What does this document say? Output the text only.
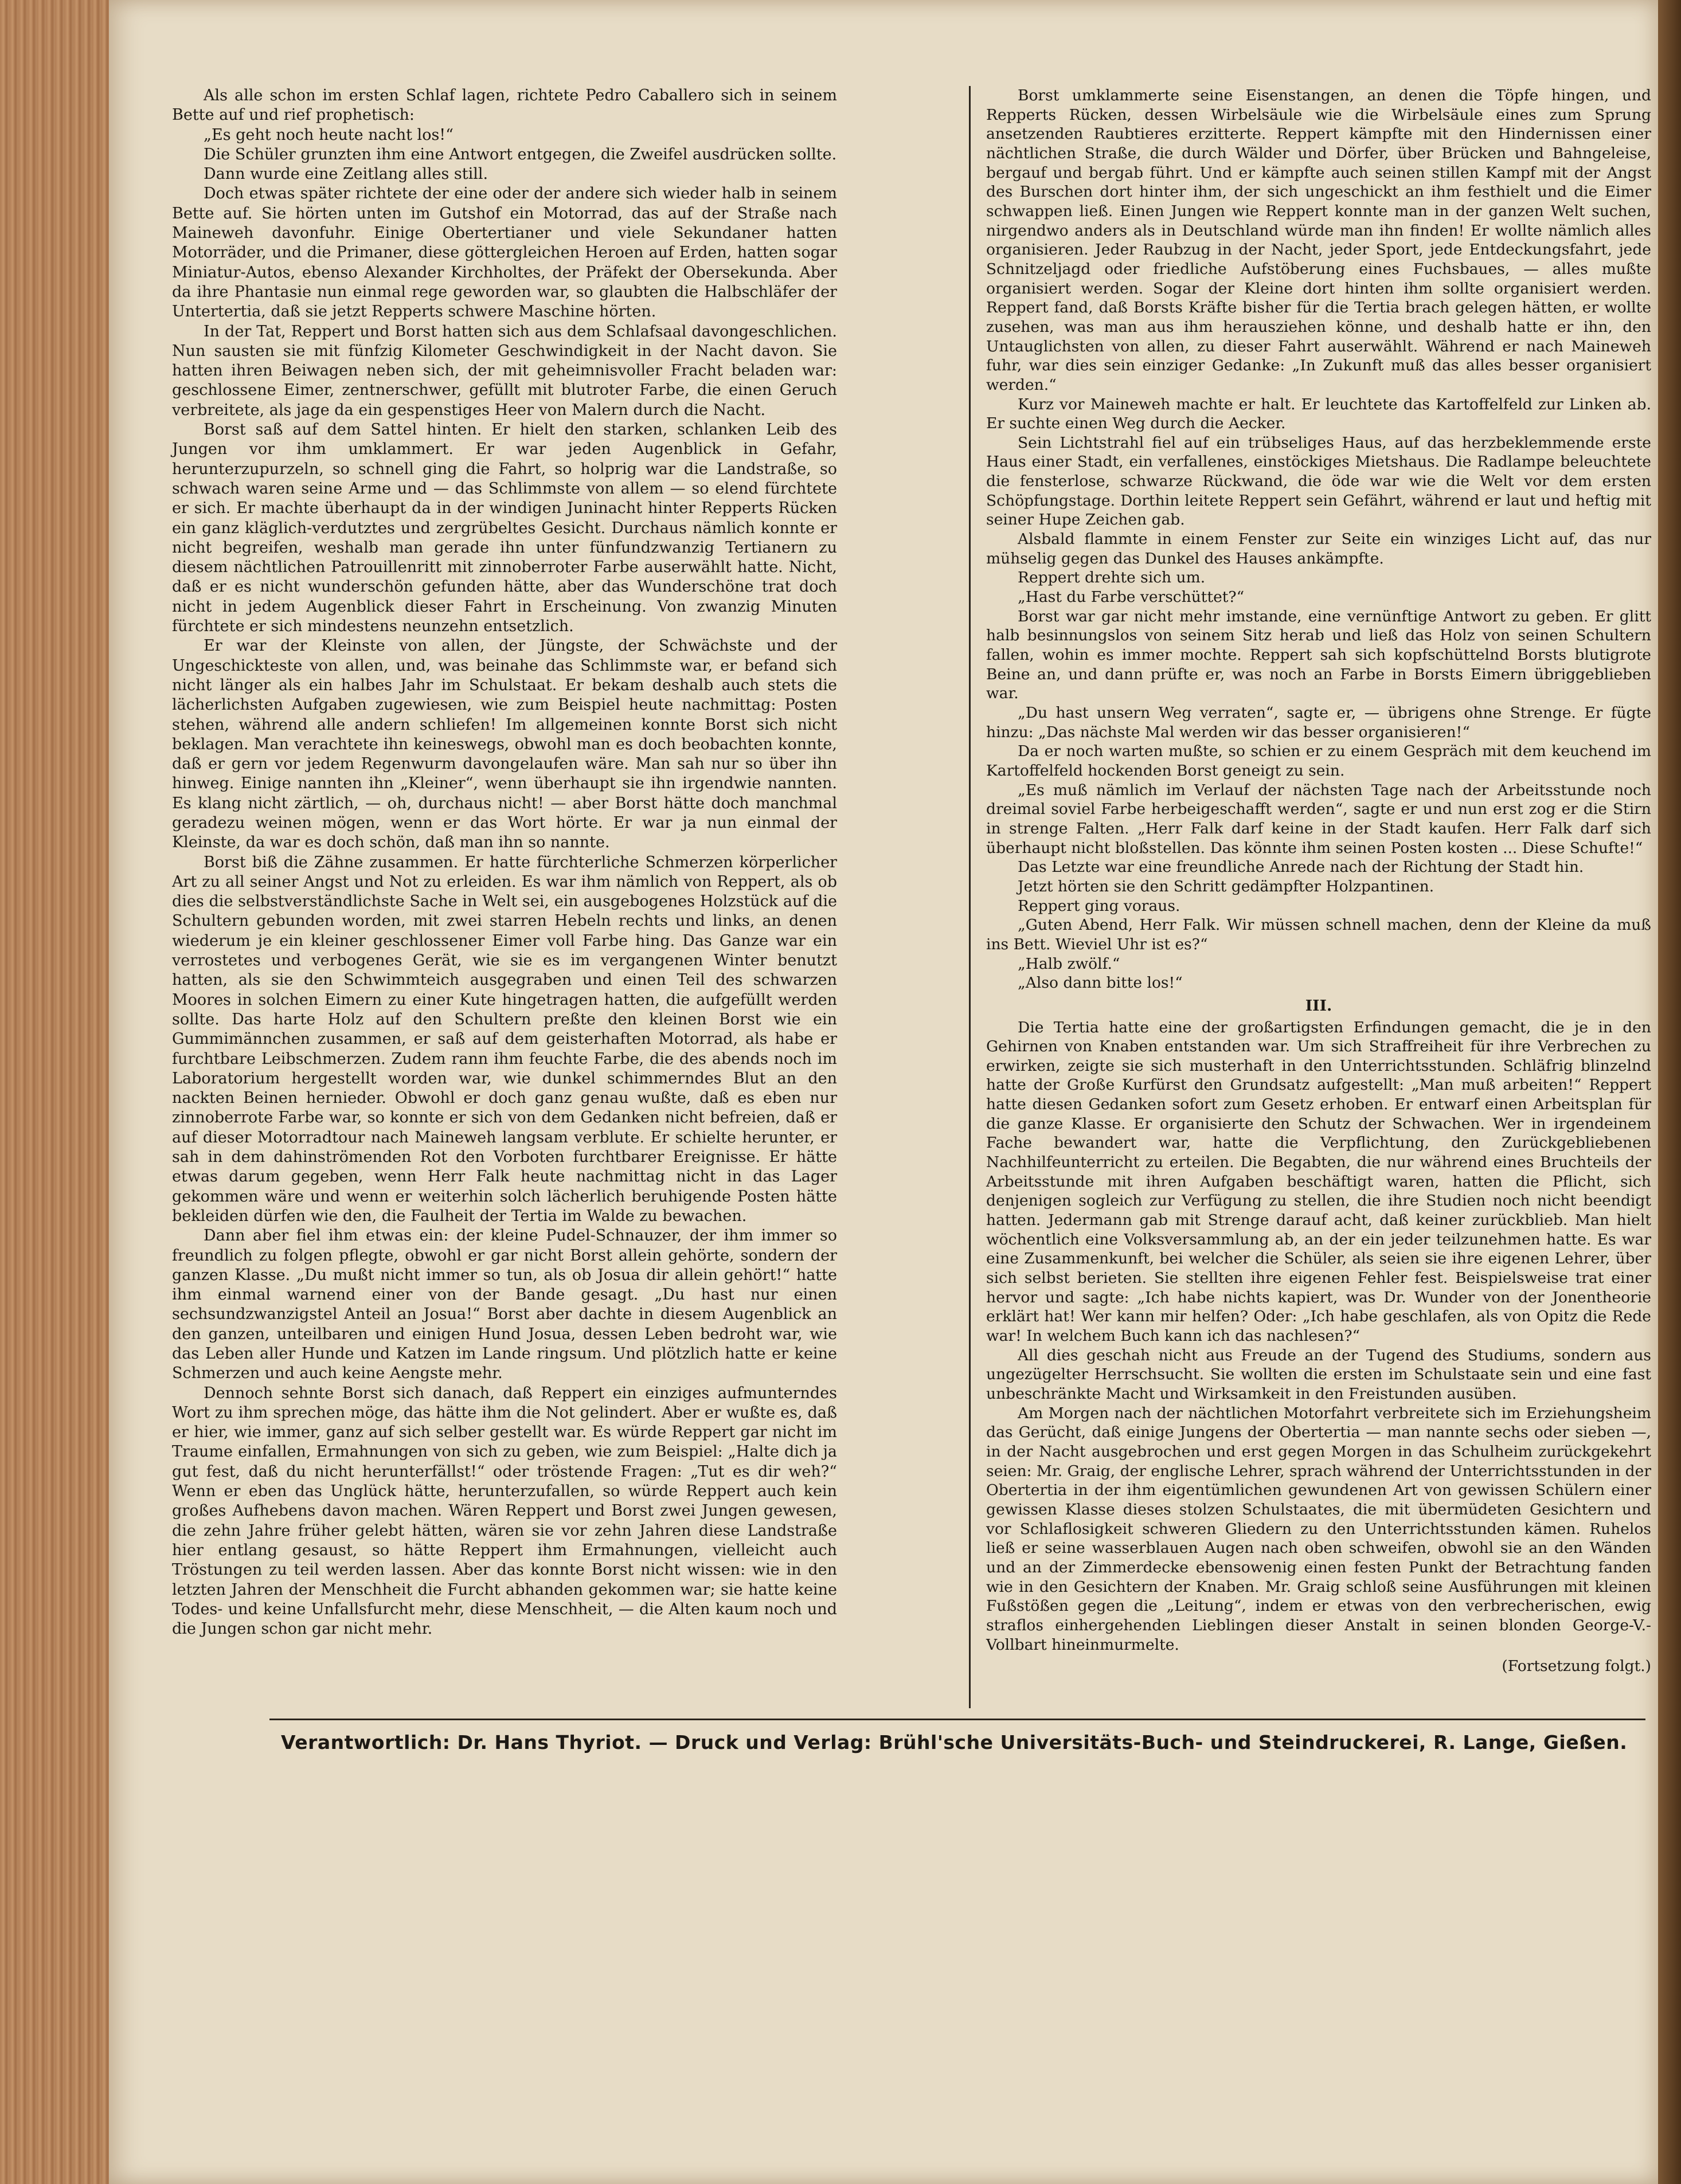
Als alle schon im ersten Schlaf lagen, richtete Pedro Caballero sich in seinem Bette auf und rief prophetisch:

„Es geht noch heute nacht los!“

Die Schüler grunzten ihm eine Antwort entgegen, die Zweifel ausdrücken sollte.

Dann wurde eine Zeitlang alles still.

Doch etwas später richtete der eine oder der andere sich wieder halb in seinem Bette auf. Sie hörten unten im Gutshof ein Motorrad, das auf der Straße nach Maineweh davonfuhr. Einige Obertertianer und viele Sekundaner hatten Motorräder, und die Primaner, diese göttergleichen Heroen auf Erden, hatten sogar Miniatur-Autos, ebenso Alexander Kirchholtes, der Präfekt der Obersekunda. Aber da ihre Phantasie nun einmal rege geworden war, so glaubten die Halbschläfer der Untertertia, daß sie jetzt Repperts schwere Maschine hörten.

In der Tat, Reppert und Borst hatten sich aus dem Schlafsaal davongeschlichen. Nun sausten sie mit fünfzig Kilometer Geschwindigkeit in der Nacht davon. Sie hatten ihren Beiwagen neben sich, der mit geheimnisvoller Fracht beladen war: geschlossene Eimer, zentnerschwer, gefüllt mit blutroter Farbe, die einen Geruch verbreitete, als jage da ein gespenstiges Heer von Malern durch die Nacht.

Borst saß auf dem Sattel hinten. Er hielt den starken, schlanken Leib des Jungen vor ihm umklammert. Er war jeden Augenblick in Gefahr, herunterzupurzeln, so schnell ging die Fahrt, so holprig war die Landstraße, so schwach waren seine Arme und — das Schlimmste von allem — so elend fürchtete er sich. Er machte überhaupt da in der windigen Juninacht hinter Repperts Rücken ein ganz kläglich-verdutztes und zergrübeltes Gesicht. Durchaus nämlich konnte er nicht begreifen, weshalb man gerade ihn unter fünfundzwanzig Tertianern zu diesem nächtlichen Patrouillenritt mit zinnoberroter Farbe auserwählt hatte. Nicht, daß er es nicht wunderschön gefunden hätte, aber das Wunderschöne trat doch nicht in jedem Augenblick dieser Fahrt in Erscheinung. Von zwanzig Minuten fürchtete er sich mindestens neunzehn entsetzlich.

Er war der Kleinste von allen, der Jüngste, der Schwächste und der Ungeschickteste von allen, und, was beinahe das Schlimmste war, er befand sich nicht länger als ein halbes Jahr im Schulstaat. Er bekam deshalb auch stets die lächerlichsten Aufgaben zugewiesen, wie zum Beispiel heute nachmittag: Posten stehen, während alle andern schliefen! Im allgemeinen konnte Borst sich nicht beklagen. Man verachtete ihn keineswegs, obwohl man es doch beobachten konnte, daß er gern vor jedem Regenwurm davongelaufen wäre. Man sah nur so über ihn hinweg. Einige nannten ihn „Kleiner“, wenn überhaupt sie ihn irgendwie nannten. Es klang nicht zärtlich, — oh, durchaus nicht! — aber Borst hätte doch manchmal geradezu weinen mögen, wenn er das Wort hörte. Er war ja nun einmal der Kleinste, da war es doch schön, daß man ihn so nannte.

Borst biß die Zähne zusammen. Er hatte fürchterliche Schmerzen körperlicher Art zu all seiner Angst und Not zu erleiden. Es war ihm nämlich von Reppert, als ob dies die selbstverständlichste Sache in Welt sei, ein ausgebogenes Holzstück auf die Schultern gebunden worden, mit zwei starren Hebeln rechts und links, an denen wiederum je ein kleiner geschlossener Eimer voll Farbe hing. Das Ganze war ein verrostetes und verbogenes Gerät, wie sie es im vergangenen Winter benutzt hatten, als sie den Schwimmteich ausgegraben und einen Teil des schwarzen Moores in solchen Eimern zu einer Kute hingetragen hatten, die aufgefüllt werden sollte. Das harte Holz auf den Schultern preßte den kleinen Borst wie ein Gummimännchen zusammen, er saß auf dem geisterhaften Motorrad, als habe er furchtbare Leibschmerzen. Zudem rann ihm feuchte Farbe, die des abends noch im Laboratorium hergestellt worden war, wie dunkel schimmerndes Blut an den nackten Beinen hernieder. Obwohl er doch ganz genau wußte, daß es eben nur zinnoberrote Farbe war, so konnte er sich von dem Gedanken nicht befreien, daß er auf dieser Motorradtour nach Maineweh langsam verblute. Er schielte herunter, er sah in dem dahinströmenden Rot den Vorboten furchtbarer Ereignisse. Er hätte etwas darum gegeben, wenn Herr Falk heute nachmittag nicht in das Lager gekommen wäre und wenn er weiterhin solch lächerlich beruhigende Posten hätte bekleiden dürfen wie den, die Faulheit der Tertia im Walde zu bewachen.

Dann aber fiel ihm etwas ein: der kleine Pudel-Schnauzer, der ihm immer so freundlich zu folgen pflegte, obwohl er gar nicht Borst allein gehörte, sondern der ganzen Klasse. „Du mußt nicht immer so tun, als ob Josua dir allein gehört!“ hatte ihm einmal warnend einer von der Bande gesagt. „Du hast nur einen sechsundzwanzigstel Anteil an Josua!“ Borst aber dachte in diesem Augenblick an den ganzen, unteilbaren und einigen Hund Josua, dessen Leben bedroht war, wie das Leben aller Hunde und Katzen im Lande ringsum. Und plötzlich hatte er keine Schmerzen und auch keine Aengste mehr.

Dennoch sehnte Borst sich danach, daß Reppert ein einziges aufmunterndes Wort zu ihm sprechen möge, das hätte ihm die Not gelindert. Aber er wußte es, daß er hier, wie immer, ganz auf sich selber gestellt war. Es würde Reppert gar nicht im Traume einfallen, Ermahnungen von sich zu geben, wie zum Beispiel: „Halte dich ja gut fest, daß du nicht herunterfällst!“ oder tröstende Fragen: „Tut es dir weh?“ Wenn er eben das Unglück hätte, herunterzufallen, so würde Reppert auch kein großes Aufhebens davon machen. Wären Reppert und Borst zwei Jungen gewesen, die zehn Jahre früher gelebt hätten, wären sie vor zehn Jahren diese Landstraße hier entlang gesaust, so hätte Reppert ihm Ermahnungen, vielleicht auch Tröstungen zu teil werden lassen. Aber das konnte Borst nicht wissen: wie in den letzten Jahren der Menschheit die Furcht abhanden gekommen war; sie hatte keine Todes- und keine Unfallsfurcht mehr, diese Menschheit, — die Alten kaum noch und die Jungen schon gar nicht mehr.

Borst umklammerte seine Eisenstangen, an denen die Töpfe hingen, und Repperts Rücken, dessen Wirbelsäule wie die Wirbelsäule eines zum Sprung ansetzenden Raubtieres erzitterte. Reppert kämpfte mit den Hindernissen einer nächtlichen Straße, die durch Wälder und Dörfer, über Brücken und Bahngeleise, bergauf und bergab führt. Und er kämpfte auch seinen stillen Kampf mit der Angst des Burschen dort hinter ihm, der sich ungeschickt an ihm festhielt und die Eimer schwappen ließ. Einen Jungen wie Reppert konnte man in der ganzen Welt suchen, nirgendwo anders als in Deutschland würde man ihn finden! Er wollte nämlich alles organisieren. Jeder Raubzug in der Nacht, jeder Sport, jede Entdeckungsfahrt, jede Schnitzeljagd oder friedliche Aufstöberung eines Fuchsbaues, — alles mußte organisiert werden. Sogar der Kleine dort hinten ihm sollte organisiert werden. Reppert fand, daß Borsts Kräfte bisher für die Tertia brach gelegen hätten, er wollte zusehen, was man aus ihm herausziehen könne, und deshalb hatte er ihn, den Untauglichsten von allen, zu dieser Fahrt auserwählt. Während er nach Maineweh fuhr, war dies sein einziger Gedanke: „In Zukunft muß das alles besser organisiert werden.“

Kurz vor Maineweh machte er halt. Er leuchtete das Kartoffelfeld zur Linken ab. Er suchte einen Weg durch die Aecker.

Sein Lichtstrahl fiel auf ein trübseliges Haus, auf das herzbeklemmende erste Haus einer Stadt, ein verfallenes, einstöckiges Mietshaus. Die Radlampe beleuchtete die fensterlose, schwarze Rückwand, die öde war wie die Welt vor dem ersten Schöpfungstage. Dorthin leitete Reppert sein Gefährt, während er laut und heftig mit seiner Hupe Zeichen gab.

Alsbald flammte in einem Fenster zur Seite ein winziges Licht auf, das nur mühselig gegen das Dunkel des Hauses ankämpfte.

Reppert drehte sich um.

„Hast du Farbe verschüttet?“

Borst war gar nicht mehr imstande, eine vernünftige Antwort zu geben. Er glitt halb besinnungslos von seinem Sitz herab und ließ das Holz von seinen Schultern fallen, wohin es immer mochte. Reppert sah sich kopfschüttelnd Borsts blutigrote Beine an, und dann prüfte er, was noch an Farbe in Borsts Eimern übriggeblieben war.

„Du hast unsern Weg verraten“, sagte er, — übrigens ohne Strenge. Er fügte hinzu: „Das nächste Mal werden wir das besser organisieren!“

Da er noch warten mußte, so schien er zu einem Gespräch mit dem keuchend im Kartoffelfeld hockenden Borst geneigt zu sein.

„Es muß nämlich im Verlauf der nächsten Tage nach der Arbeitsstunde noch dreimal soviel Farbe herbeigeschafft werden“, sagte er und nun erst zog er die Stirn in strenge Falten. „Herr Falk darf keine in der Stadt kaufen. Herr Falk darf sich überhaupt nicht bloßstellen. Das könnte ihm seinen Posten kosten ... Diese Schufte!“

Das Letzte war eine freundliche Anrede nach der Richtung der Stadt hin.

Jetzt hörten sie den Schritt gedämpfter Holzpantinen.

Reppert ging voraus.

„Guten Abend, Herr Falk. Wir müssen schnell machen, denn der Kleine da muß ins Bett. Wieviel Uhr ist es?“

„Halb zwölf.“

„Also dann bitte los!“

III.

Die Tertia hatte eine der großartigsten Erfindungen gemacht, die je in den Gehirnen von Knaben entstanden war. Um sich Straffreiheit für ihre Verbrechen zu erwirken, zeigte sie sich musterhaft in den Unterrichtsstunden. Schläfrig blinzelnd hatte der Große Kurfürst den Grundsatz aufgestellt: „Man muß arbeiten!“ Reppert hatte diesen Gedanken sofort zum Gesetz erhoben. Er entwarf einen Arbeitsplan für die ganze Klasse. Er organisierte den Schutz der Schwachen. Wer in irgendeinem Fache bewandert war, hatte die Verpflichtung, den Zurückgebliebenen Nachhilfeunterricht zu erteilen. Die Begabten, die nur während eines Bruchteils der Arbeitsstunde mit ihren Aufgaben beschäftigt waren, hatten die Pflicht, sich denjenigen sogleich zur Verfügung zu stellen, die ihre Studien noch nicht beendigt hatten. Jedermann gab mit Strenge darauf acht, daß keiner zurückblieb. Man hielt wöchentlich eine Volksversammlung ab, an der ein jeder teilzunehmen hatte. Es war eine Zusammenkunft, bei welcher die Schüler, als seien sie ihre eigenen Lehrer, über sich selbst berieten. Sie stellten ihre eigenen Fehler fest. Beispielsweise trat einer hervor und sagte: „Ich habe nichts kapiert, was Dr. Wunder von der Jonentheorie erklärt hat! Wer kann mir helfen? Oder: „Ich habe geschlafen, als von Opitz die Rede war! In welchem Buch kann ich das nachlesen?“

All dies geschah nicht aus Freude an der Tugend des Studiums, sondern aus ungezügelter Herrschsucht. Sie wollten die ersten im Schulstaate sein und eine fast unbeschränkte Macht und Wirksamkeit in den Freistunden ausüben.

Am Morgen nach der nächtlichen Motorfahrt verbreitete sich im Erziehungsheim das Gerücht, daß einige Jungens der Obertertia — man nannte sechs oder sieben —, in der Nacht ausgebrochen und erst gegen Morgen in das Schulheim zurückgekehrt seien: Mr. Graig, der englische Lehrer, sprach während der Unterrichtsstunden in der Obertertia in der ihm eigentümlichen gewundenen Art von gewissen Schülern einer gewissen Klasse dieses stolzen Schulstaates, die mit übermüdeten Gesichtern und vor Schlaflosigkeit schweren Gliedern zu den Unterrichtsstunden kämen. Ruhelos ließ er seine wasserblauen Augen nach oben schweifen, obwohl sie an den Wänden und an der Zimmerdecke ebensowenig einen festen Punkt der Betrachtung fanden wie in den Gesichtern der Knaben. Mr. Graig schloß seine Ausführungen mit kleinen Fußstößen gegen die „Leitung“, indem er etwas von den verbrecherischen, ewig straflos einhergehenden Lieblingen dieser Anstalt in seinen blonden George-V.-Vollbart hineinmurmelte.

(Fortsetzung folgt.)

Verantwortlich: Dr. Hans Thyriot. — Druck und Verlag: Brühl'sche Universitäts-Buch- und Steindruckerei, R. Lange, Gießen.
